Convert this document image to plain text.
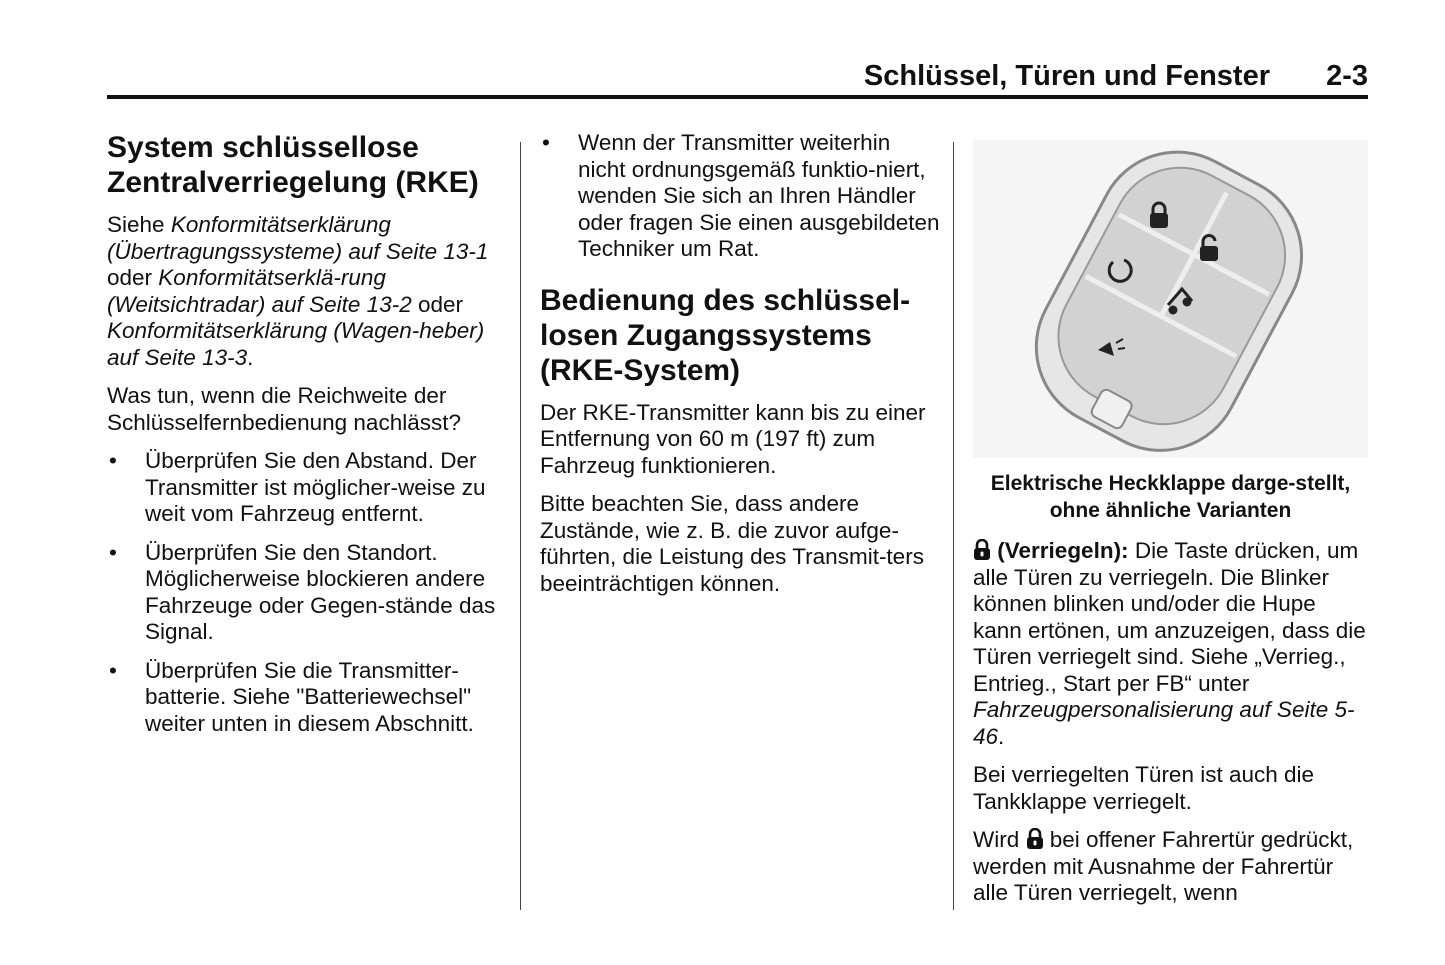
Schlüssel, Türen und Fenster 2-3
System schlüssellose Zentralverriegelung (RKE)

Siehe Konformitätserklärung (Übertragungssysteme) auf Seite 13-1 oder Konformitätserklä-rung (Weitsichtradar) auf Seite 13-2 oder Konformitätserklärung (Wagen-heber) auf Seite 13-3.

Was tun, wenn die Reichweite der Schlüsselfernbedienung nachlässt?

• Überprüfen Sie den Abstand. Der Transmitter ist möglicher-weise zu weit vom Fahrzeug entfernt.
• Überprüfen Sie den Standort. Möglicherweise blockieren andere Fahrzeuge oder Gegen-stände das Signal.
• Überprüfen Sie die Transmitter-batterie. Siehe "Batteriewechsel" weiter unten in diesem Abschnitt.
• Wenn der Transmitter weiterhin nicht ordnungsgemäß funktio-niert, wenden Sie sich an Ihren Händler oder fragen Sie einen ausgebildeten Techniker um Rat.
Bedienung des schlüssel-losen Zugangssystems (RKE-System)

Der RKE-Transmitter kann bis zu einer Entfernung von 60 m (197 ft) zum Fahrzeug funktionieren.

Bitte beachten Sie, dass andere Zustände, wie z. B. die zuvor aufge-führten, die Leistung des Transmit-ters beeinträchtigen können.

Elektrische Heckklappe darge-stellt, ohne ähnliche Varianten

(Verriegeln): Die Taste drücken, um alle Türen zu verriegeln. Die Blinker können blinken und/oder die Hupe kann ertönen, um anzuzeigen, dass die Türen verriegelt sind. Siehe „Verrieg., Entrieg., Start per FB“ unter Fahrzeugpersonalisierung auf Seite 5-46.

Bei verriegelten Türen ist auch die Tankklappe verriegelt.

Wird  bei offener Fahrertür gedrückt, werden mit Ausnahme der Fahrertür alle Türen verriegelt, wenn
